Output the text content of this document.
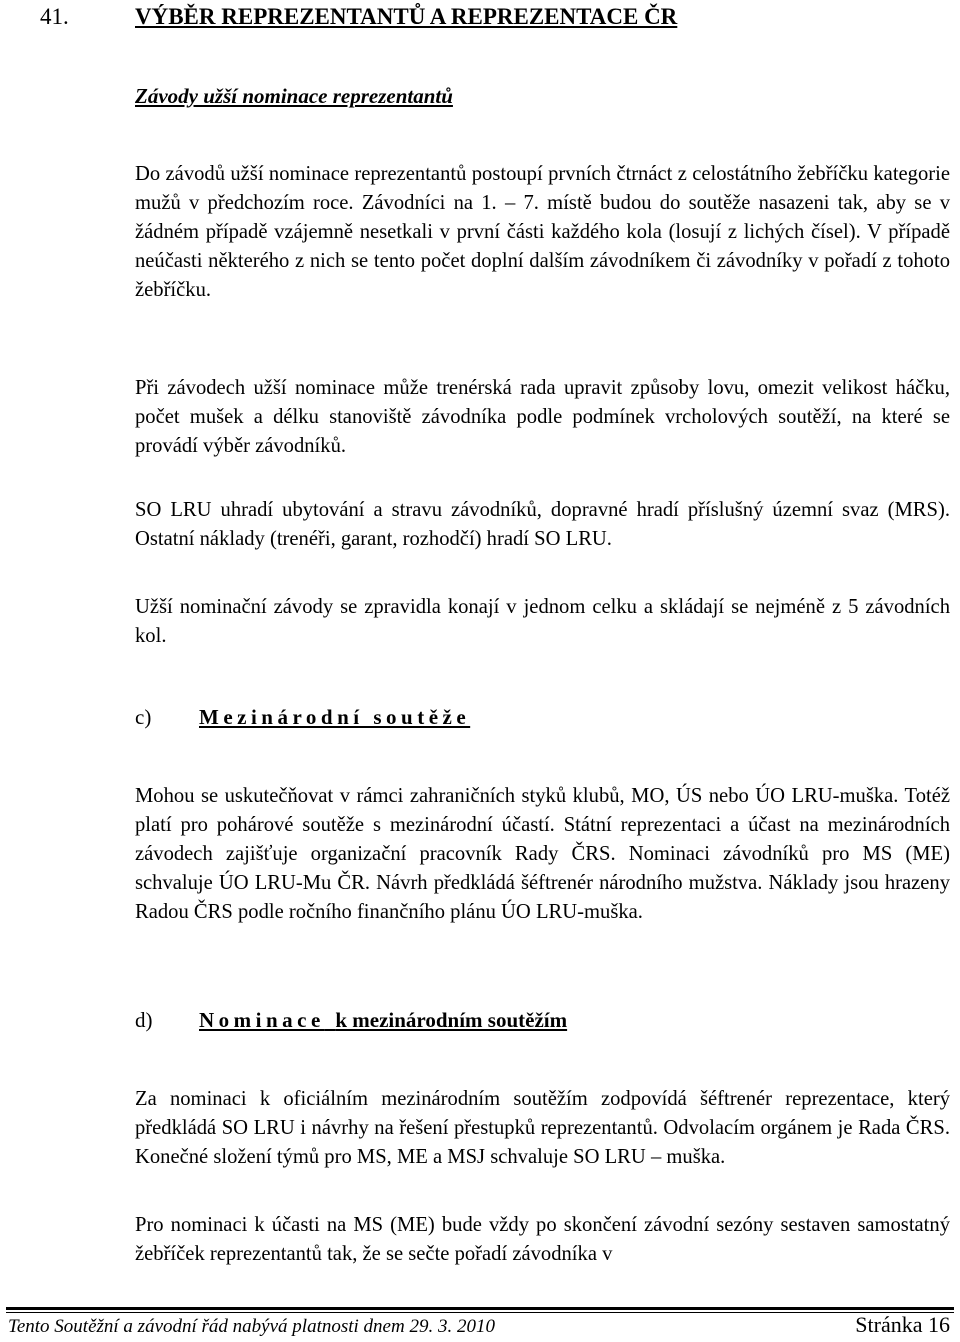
41.	VÝBĚR REPREZENTANTŮ A REPREZENTACE ČR
Závody užší nominace reprezentantů

Do závodů užší nominace reprezentantů postoupí prvních čtrnáct z celostátního žebříčku kategorie mužů v předchozím roce. Závodníci na 1. – 7. místě budou do soutěže nasazeni tak, aby se v žádném případě vzájemně nesetkali v první části každého kola (losují z lichých čísel). V případě neúčasti některého z nich se tento počet doplní dalším závodníkem či závodníky v pořadí z tohoto žebříčku.

Při závodech užší nominace může trenérská rada upravit způsoby lovu, omezit velikost háčku, počet mušek a délku stanoviště závodníka podle podmínek vrcholových soutěží, na které se provádí výběr závodníků.

SO LRU uhradí ubytování a stravu závodníků, dopravné hradí příslušný územní svaz (MRS). Ostatní náklady (trenéři, garant, rozhodčí) hradí SO LRU.

Užší nominační závody se zpravidla konají v jednom celku a skládají se nejméně z 5 závodních kol.

c) Mezinárodní soutěže

Mohou se uskutečňovat v rámci zahraničních styků klubů, MO, ÚS nebo ÚO LRU-muška. Totéž platí pro pohárové soutěže s mezinárodní účastí. Státní reprezentaci a účast na mezinárodních závodech zajišťuje organizační pracovník Rady ČRS. Nominaci závodníků pro MS (ME) schvaluje ÚO LRU-Mu ČR. Návrh předkládá šéftrenér národního mužstva. Náklady jsou hrazeny Radou ČRS podle ročního finančního plánu ÚO LRU-muška.

d) Nominace k mezinárodním soutěžím

Za nominaci k oficiálním mezinárodním soutěžím zodpovídá šéftrenér reprezentace, který předkládá SO LRU i návrhy na řešení přestupků reprezentantů. Odvolacím orgánem je Rada ČRS. Konečné složení týmů pro MS, ME a MSJ schvaluje SO LRU – muška.

Pro nominaci k účasti na MS (ME) bude vždy po skončení závodní sezóny sestaven samostatný žebříček reprezentantů tak, že se sečte pořadí závodníka v

Tento Soutěžní a závodní řád nabývá platnosti dnem 29. 3. 2010	Stránka 16
